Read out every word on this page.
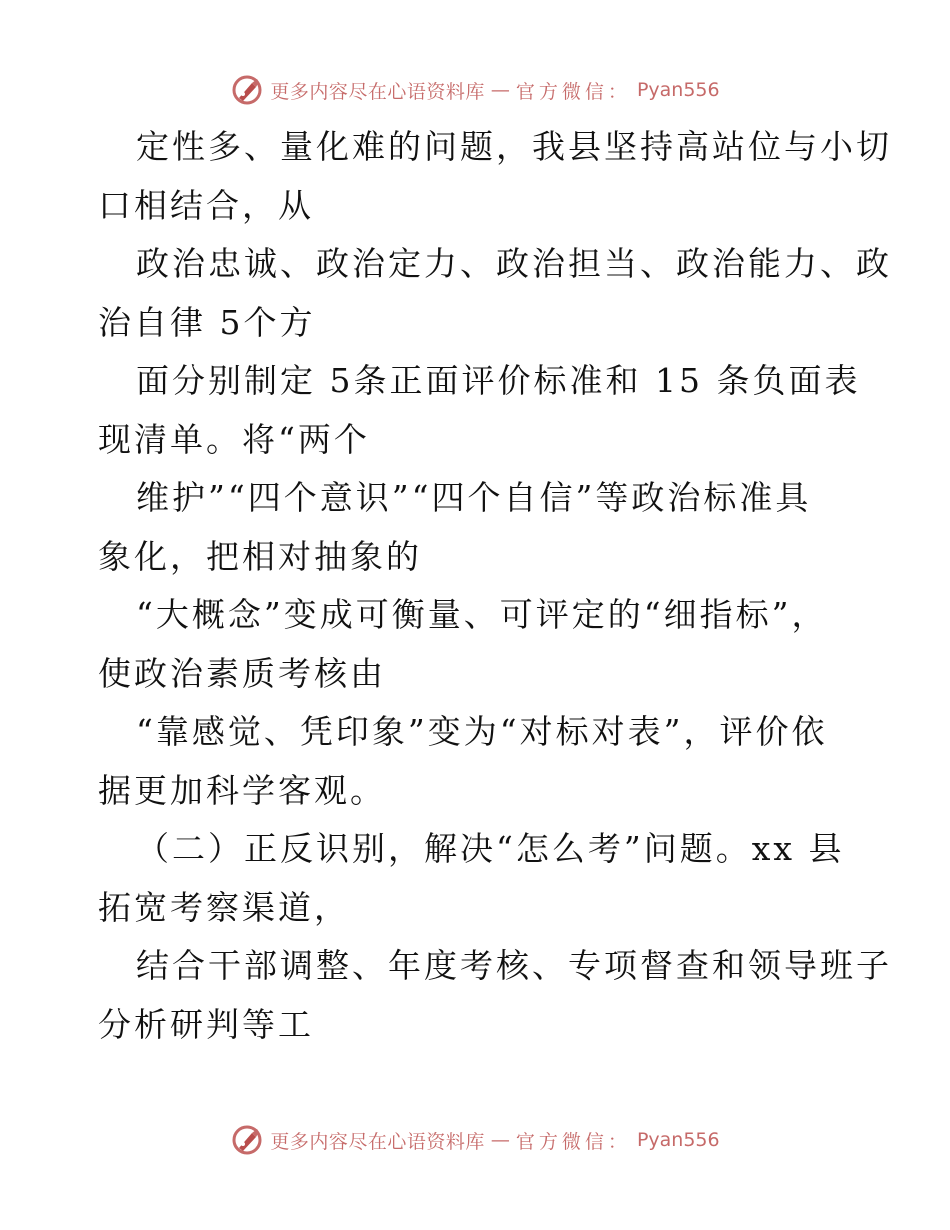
更多内容尽在心语资料库 — 官方微信： Pyan556
定性多、量化难的问题，我县坚持高站位与小切
口相结合，从
政治忠诚、政治定力、政治担当、政治能力、政
治自律 5个方
面分别制定 5条正面评价标准和 15 条负面表
现清单。将“两个
维护”“四个意识”“四个自信”等政治标准具
象化，把相对抽象的
“大概念”变成可衡量、可评定的“细指标”，
使政治素质考核由
“靠感觉、凭印象”变为“对标对表”，评价依
据更加科学客观。
（二）正反识别，解决“怎么考”问题。xx 县
拓宽考察渠道，
结合干部调整、年度考核、专项督查和领导班子
分析研判等工
更多内容尽在心语资料库 — 官方微信： Pyan556
